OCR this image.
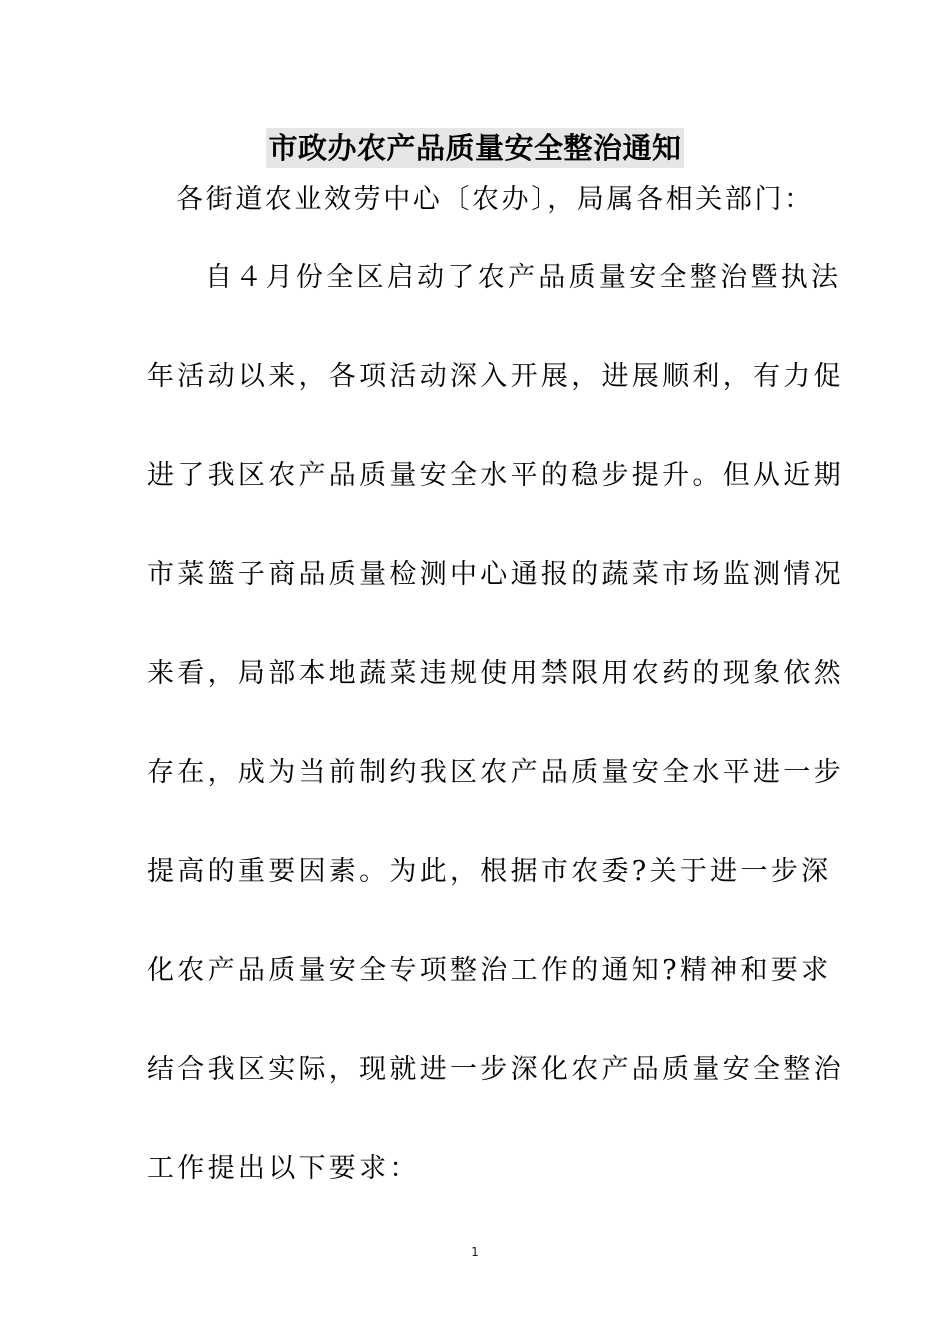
市政办农产品质量安全整治通知
各街道农业效劳中心〔农办〕，局属各相关部门：
自４月份全区启动了农产品质量安全整治暨执法
年活动以来，各项活动深入开展，进展顺利，有力促
进了我区农产品质量安全水平的稳步提升。但从近期
市菜篮子商品质量检测中心通报的蔬菜市场监测情况
来看，局部本地蔬菜违规使用禁限用农药的现象依然
存在，成为当前制约我区农产品质量安全水平进一步
提高的重要因素。为此，根据市农委?关于进一步深
化农产品质量安全专项整治工作的通知?精神和要求
结合我区实际，现就进一步深化农产品质量安全整治
工作提出以下要求：
1
